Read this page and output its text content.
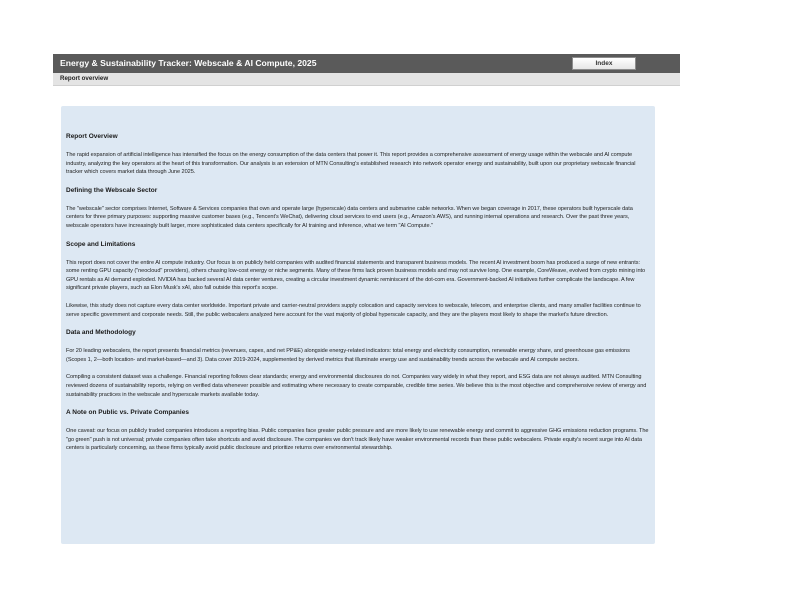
Energy & Sustainability Tracker: Webscale & AI Compute, 2025	Index
Report overview
Report Overview

The rapid expansion of artificial intelligence has intensified the focus on the energy consumption of the data centers that power it. This report provides a comprehensive assessment of energy usage within the webscale and AI compute industry, analyzing the key operators at the heart of this transformation. Our analysis is an extension of MTN Consulting's established research into network operator energy and sustainability, built upon our proprietary webscale financial tracker which covers market data through June 2025.

Defining the Webscale Sector

The "webscale" sector comprises Internet, Software & Services companies that own and operate large (hyperscale) data centers and submarine cable networks. When we began coverage in 2017, these operators built hyperscale data centers for three primary purposes: supporting massive customer bases (e.g., Tencent's WeChat), delivering cloud services to end users (e.g., Amazon's AWS), and running internal operations and research. Over the past three years, webscale operators have increasingly built larger, more sophisticated data centers specifically for AI training and inference, what we term "AI Compute."

Scope and Limitations

This report does not cover the entire AI compute industry. Our focus is on publicly held companies with audited financial statements and transparent business models. The recent AI investment boom has produced a surge of new entrants: some renting GPU capacity ("neocloud" providers), others chasing low-cost energy or niche segments. Many of these firms lack proven business models and may not survive long. One example, CoreWeave, evolved from crypto mining into GPU rentals as AI demand exploded. NVIDIA has backed several AI data center ventures, creating a circular investment dynamic reminiscent of the dot-com era. Government-backed AI initiatives further complicate the landscape. A few significant private players, such as Elon Musk's xAI, also fall outside this report's scope.

Likewise, this study does not capture every data center worldwide. Important private and carrier-neutral providers supply colocation and capacity services to webscale, telecom, and enterprise clients, and many smaller facilities continue to serve specific government and corporate needs. Still, the public webscalers analyzed here account for the vast majority of global hyperscale capacity, and they are the players most likely to shape the market's future direction.

Data and Methodology

For 20 leading webscalers, the report presents financial metrics (revenues, capex, and net PP&E) alongside energy-related indicators: total energy and electricity consumption, renewable energy share, and greenhouse gas emissions (Scopes 1, 2—both location- and market-based—and 3). Data cover 2019-2024, supplemented by derived metrics that illuminate energy use and sustainability trends across the webscale and AI compute sectors.

Compiling a consistent dataset was a challenge. Financial reporting follows clear standards; energy and environmental disclosures do not. Companies vary widely in what they report, and ESG data are not always audited. MTN Consulting reviewed dozens of sustainability reports, relying on verified data whenever possible and estimating where necessary to create comparable, credible time series. We believe this is the most objective and comprehensive review of energy and sustainability practices in the webscale and hyperscale markets available today.

A Note on Public vs. Private Companies

One caveat: our focus on publicly traded companies introduces a reporting bias. Public companies face greater public pressure and are more likely to use renewable energy and commit to aggressive GHG emissions reduction programs. The "go green" push is not universal; private companies often take shortcuts and avoid disclosure. The companies we don't track likely have weaker environmental records than these public webscalers. Private equity's recent surge into AI data centers is particularly concerning, as these firms typically avoid public disclosure and prioritize returns over environmental stewardship.
